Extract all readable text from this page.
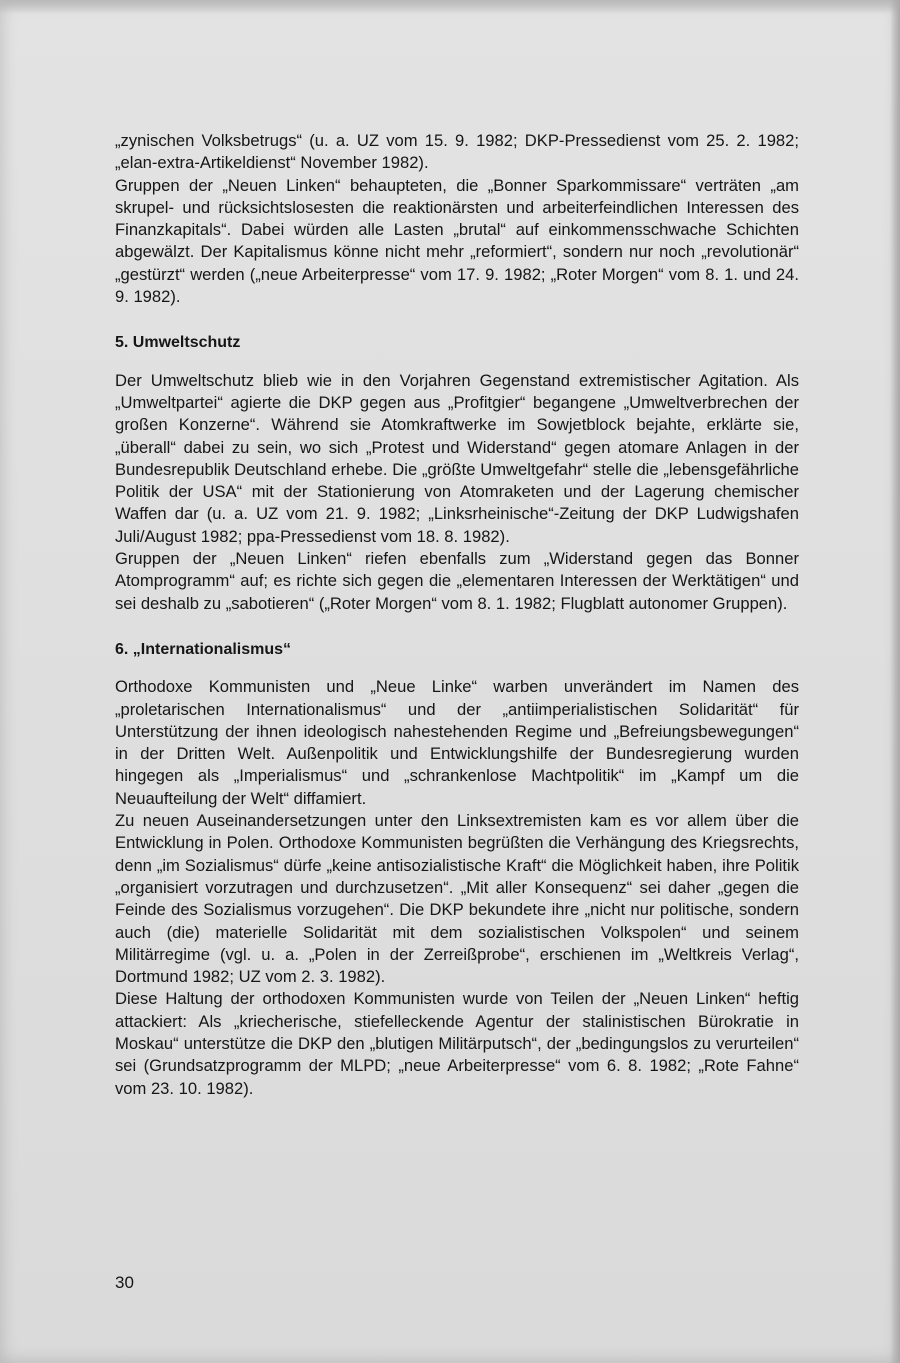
„zynischen Volksbetrugs“ (u. a. UZ vom 15. 9. 1982; DKP-Pressedienst vom 25. 2. 1982; „elan-extra-Artikeldienst“ November 1982).

Gruppen der „Neuen Linken“ behaupteten, die „Bonner Sparkommissare“ verträten „am skrupel- und rücksichtslosesten die reaktionärsten und arbeiterfeindlichen Interessen des Finanzkapitals“. Dabei würden alle Lasten „brutal“ auf einkommensschwache Schichten abgewälzt. Der Kapitalismus könne nicht mehr „reformiert“, sondern nur noch „revolutionär“ „gestürzt“ werden („neue Arbeiterpresse“ vom 17. 9. 1982; „Roter Morgen“ vom 8. 1. und 24. 9. 1982).

5. Umweltschutz

Der Umweltschutz blieb wie in den Vorjahren Gegenstand extremistischer Agitation. Als „Umweltpartei“ agierte die DKP gegen aus „Profitgier“ begangene „Umweltverbrechen der großen Konzerne“. Während sie Atomkraftwerke im Sowjetblock bejahte, erklärte sie, „überall“ dabei zu sein, wo sich „Protest und Widerstand“ gegen atomare Anlagen in der Bundesrepublik Deutschland erhebe. Die „größte Umweltgefahr“ stelle die „lebensgefährliche Politik der USA“ mit der Stationierung von Atomraketen und der Lagerung chemischer Waffen dar (u. a. UZ vom 21. 9. 1982; „Linksrheinische“-Zeitung der DKP Ludwigshafen Juli/August 1982; ppa-Pressedienst vom 18. 8. 1982).

Gruppen der „Neuen Linken“ riefen ebenfalls zum „Widerstand gegen das Bonner Atomprogramm“ auf; es richte sich gegen die „elementaren Interessen der Werktätigen“ und sei deshalb zu „sabotieren“ („Roter Morgen“ vom 8. 1. 1982; Flugblatt autonomer Gruppen).

6. „Internationalismus“

Orthodoxe Kommunisten und „Neue Linke“ warben unverändert im Namen des „proletarischen Internationalismus“ und der „antiimperialistischen Solidarität“ für Unterstützung der ihnen ideologisch nahestehenden Regime und „Befreiungsbewegungen“ in der Dritten Welt. Außenpolitik und Entwicklungshilfe der Bundesregierung wurden hingegen als „Imperialismus“ und „schrankenlose Machtpolitik“ im „Kampf um die Neuaufteilung der Welt“ diffamiert.

Zu neuen Auseinandersetzungen unter den Linksextremisten kam es vor allem über die Entwicklung in Polen. Orthodoxe Kommunisten begrüßten die Verhängung des Kriegsrechts, denn „im Sozialismus“ dürfe „keine antisozialistische Kraft“ die Möglichkeit haben, ihre Politik „organisiert vorzutragen und durchzusetzen“. „Mit aller Konsequenz“ sei daher „gegen die Feinde des Sozialismus vorzugehen“. Die DKP bekundete ihre „nicht nur politische, sondern auch (die) materielle Solidarität mit dem sozialistischen Volkspolen“ und seinem Militärregime (vgl. u. a. „Polen in der Zerreißprobe“, erschienen im „Weltkreis Verlag“, Dortmund 1982; UZ vom 2. 3. 1982).

Diese Haltung der orthodoxen Kommunisten wurde von Teilen der „Neuen Linken“ heftig attackiert: Als „kriecherische, stiefelleckende Agentur der stalinistischen Bürokratie in Moskau“ unterstütze die DKP den „blutigen Militärputsch“, der „bedingungslos zu verurteilen“ sei (Grundsatzprogramm der MLPD; „neue Arbeiterpresse“ vom 6. 8. 1982; „Rote Fahne“ vom 23. 10. 1982).

30
